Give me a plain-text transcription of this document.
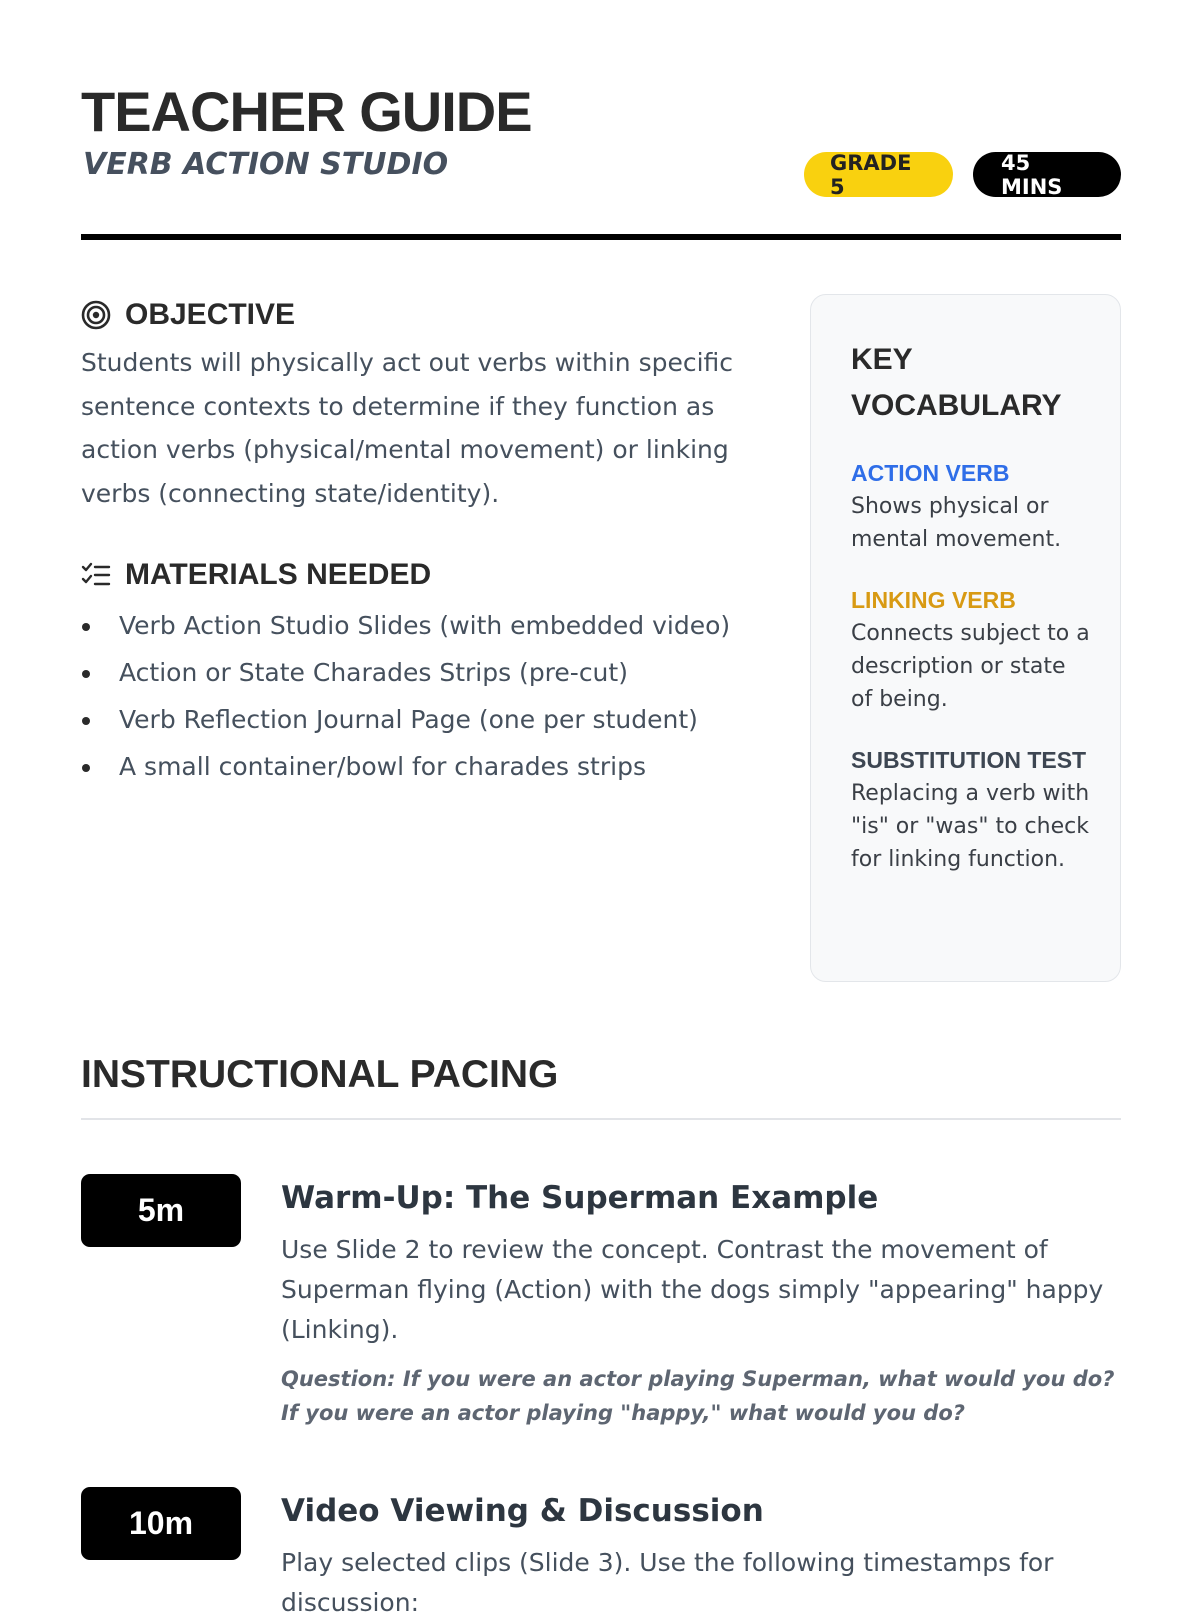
TEACHER GUIDE
VERB ACTION STUDIO	GRADE 5
45 MINS
OBJECTIVE
Students will physically act out verbs within specific sentence contexts to determine if they function as action verbs (physical/mental movement) or linking verbs (connecting state/identity).
MATERIALS NEEDED
Verb Action Studio Slides (with embedded video)
Action or State Charades Strips (pre-cut)
Verb Reflection Journal Page (one per student)
A small container/bowl for charades strips
KEY VOCABULARY
ACTION VERB
Shows physical or mental movement.
LINKING VERB
Connects subject to a description or state of being.
SUBSTITUTION TEST
Replacing a verb with "is" or "was" to check for linking function.
INSTRUCTIONAL PACING
5m	Warm-Up: The Superman Example
Use Slide 2 to review the concept. Contrast the movement of Superman flying (Action) with the dogs simply "appearing" happy (Linking).
Question: If you were an actor playing Superman, what would you do? If you were an actor playing "happy," what would you do?
10m	Video Viewing & Discussion
Play selected clips (Slide 3). Use the following timestamps for discussion:
